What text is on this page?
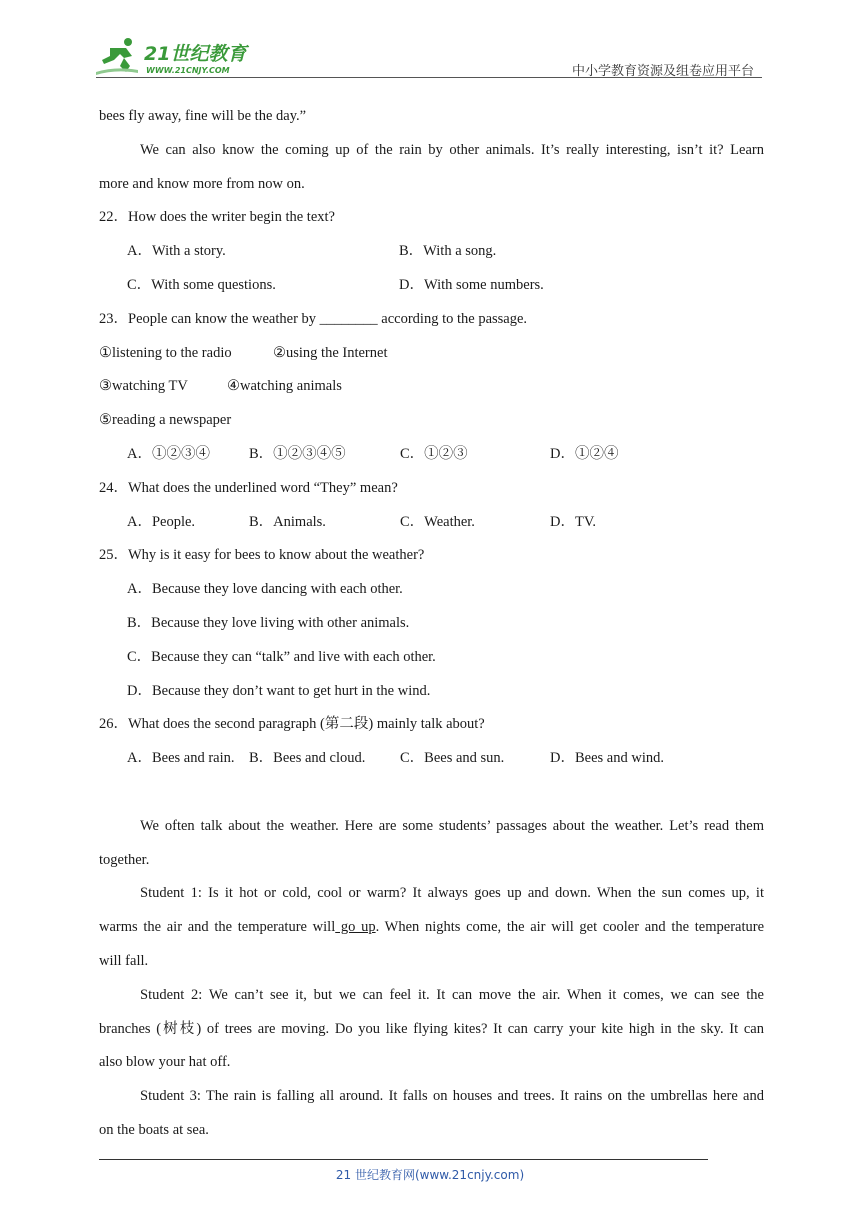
21世纪教育
WWW.21CNJY.COM	中小学教育资源及组卷应用平台
bees fly away, fine will be the day.”
We can also know the coming up of the rain by other animals. It’s really interesting, isn’t it? Learn
more and know more from now on.
22．How does the writer begin the text?
A．With a story.	B．With a song.
C．With some questions.	D．With some numbers.
23．People can know the weather by ________ according to the passage.
①listening to the radio	②using the Internet
③watching TV	④watching animals
⑤reading a newspaper
A．①②③④	B．①②③④⑤	C．①②③	D．①②④
24．What does the underlined word “They” mean?
A．People.	B．Animals.	C．Weather.	D．TV.
25．Why is it easy for bees to know about the weather?
A．Because they love dancing with each other.
B．Because they love living with other animals.
C．Because they can “talk” and live with each other.
D．Because they don’t want to get hurt in the wind.
26．What does the second paragraph (第二段) mainly talk about?
A．Bees and rain. B．Bees and cloud.	C．Bees and sun.	D．Bees and wind.
We often talk about the weather. Here are some students’ passages about the weather. Let’s read them
together.
Student 1: Is it hot or cold, cool or warm? It always goes up and down. When the sun comes up, it
warms the air and the temperature will go up. When nights come, the air will get cooler and the temperature
will fall.
Student 2: We can’t see it, but we can feel it. It can move the air. When it comes, we can see the
branches (树枝) of trees are moving. Do you like flying kites? It can carry your kite high in the sky. It can
also blow your hat off.
Student 3: The rain is falling all around. It falls on houses and trees. It rains on the umbrellas here and
on the boats at sea.
21 世纪教育网(www.21cnjy.com)
